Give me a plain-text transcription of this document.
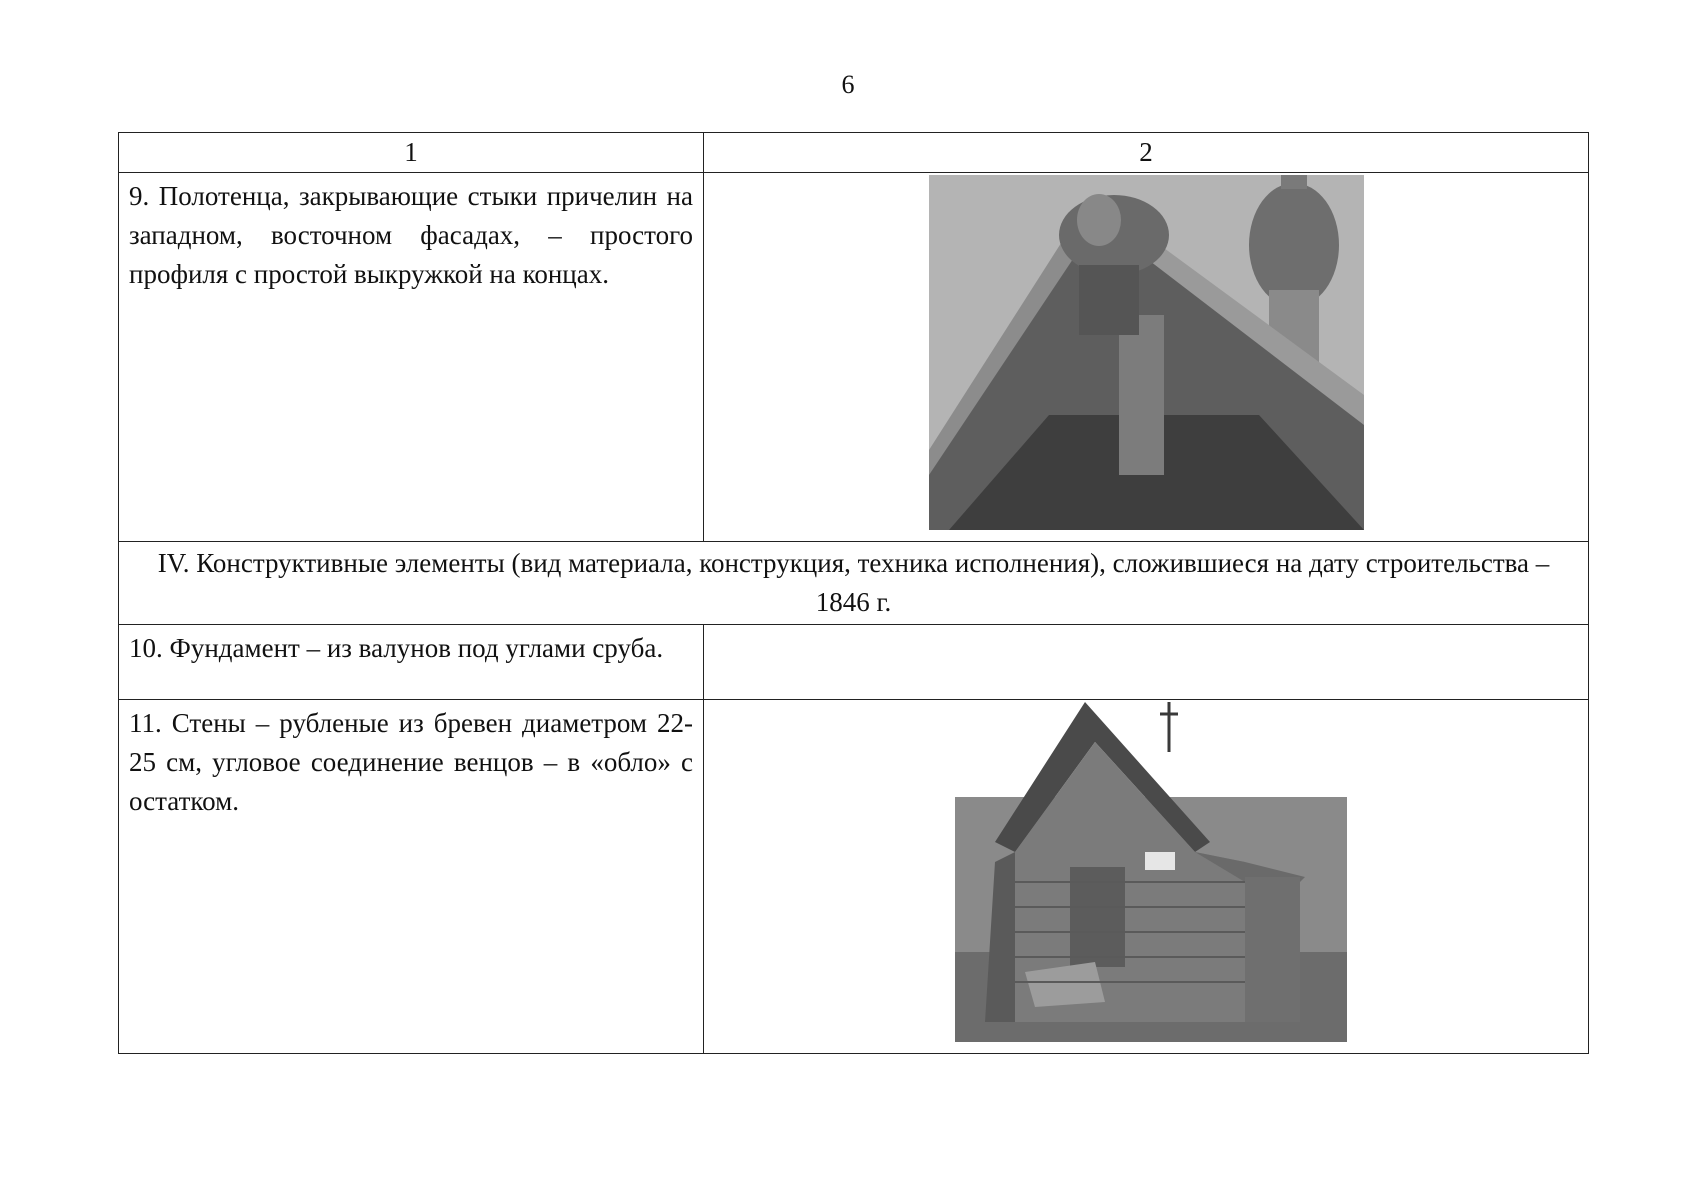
6
1	2
9. Полотенца, закрывающие стыки причелин на западном, восточном фасадах, – простого профиля с простой выкружкой на концах.	

IV. Конструктивные элементы (вид материала, конструкция, техника исполнения), сложившиеся на дату строительства – 1846 г.	
10. Фундамент – из валунов под углами сруба.	
11. Стены – рубленые из бревен диаметром 22-25 см, угловое соединение венцов – в «обло» с остатком.	
